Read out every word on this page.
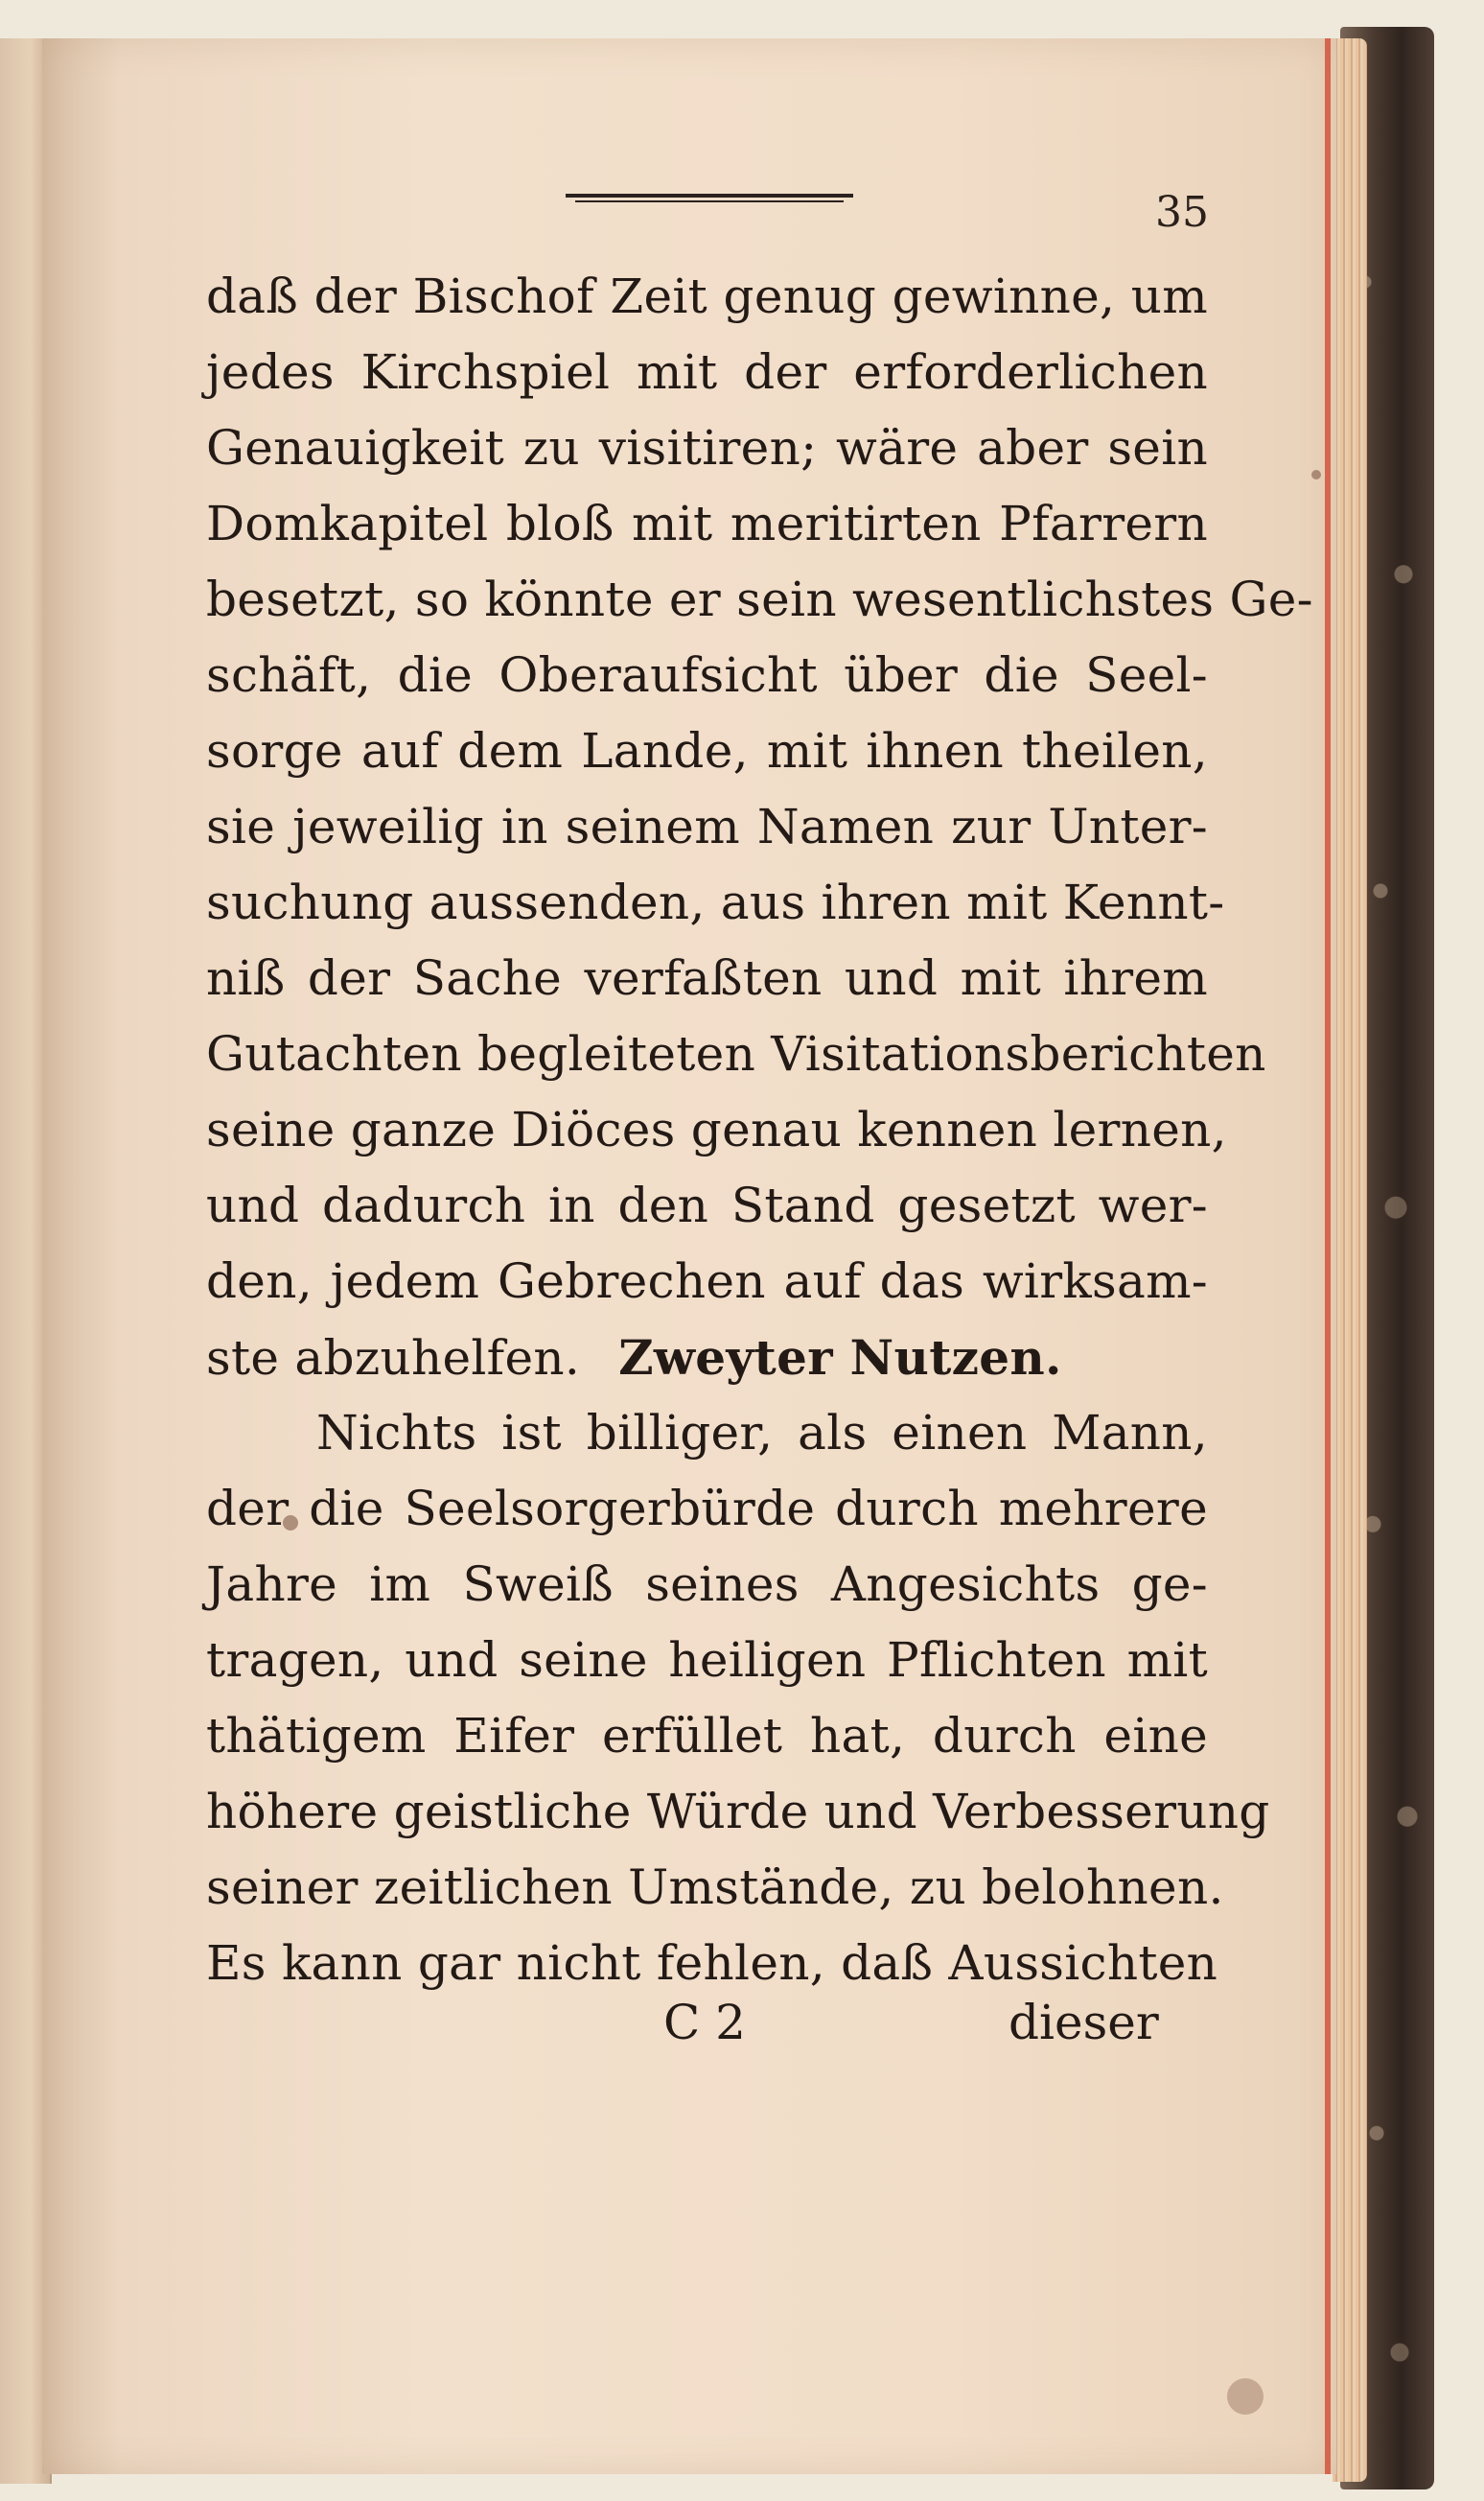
35
daß der Bischof Zeit genug gewinne, um
jedes Kirchspiel mit der erforderlichen
Genauigkeit zu visitiren; wäre aber sein
Domkapitel bloß mit meritirten Pfarrern
besetzt, so könnte er sein wesentlichstes Ge-
schäft, die Oberaufsicht über die Seel-
sorge auf dem Lande, mit ihnen theilen,
sie jeweilig in seinem Namen zur Unter-
suchung aussenden, aus ihren mit Kennt-
niß der Sache verfaßten und mit ihrem
Gutachten begleiteten Visitationsberichten
seine ganze Diöces genau kennen lernen,
und dadurch in den Stand gesetzt wer-
den, jedem Gebrechen auf das wirksam-
ste abzuhelfen. Zweyter Nutzen.
Nichts ist billiger, als einen Mann,
der die Seelsorgerbürde durch mehrere
Jahre im Sweiß seines Angesichts ge-
tragen, und seine heiligen Pflichten mit
thätigem Eifer erfüllet hat, durch eine
höhere geistliche Würde und Verbesserung
seiner zeitlichen Umstände, zu belohnen.
Es kann gar nicht fehlen, daß Aussichten
C 2	dieser
